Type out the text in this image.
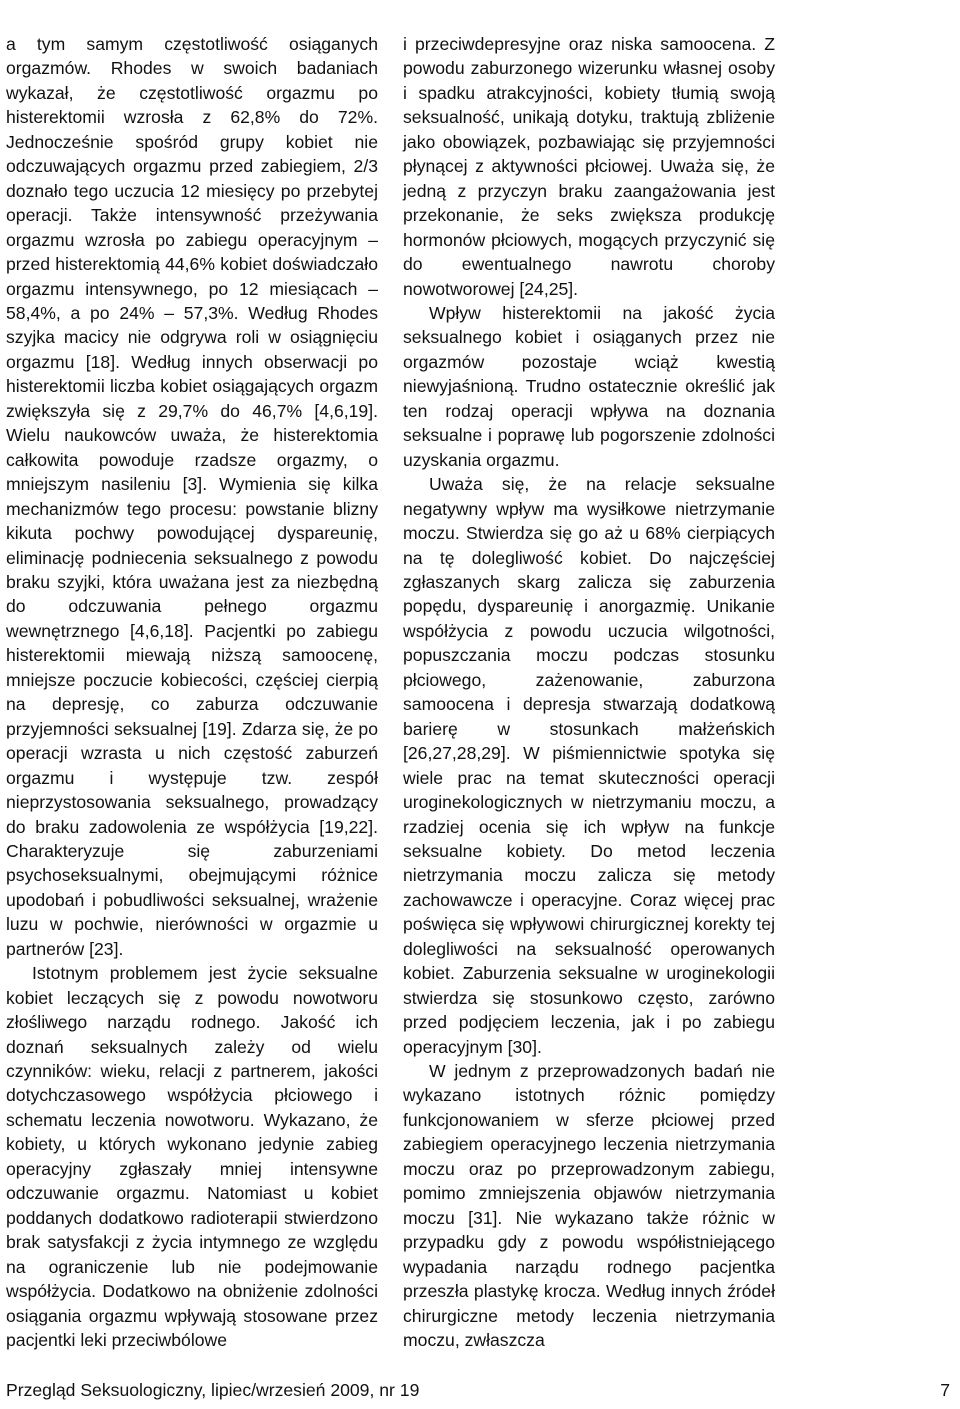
a tym samym częstotliwość osiąganych orgazmów. Rhodes w swoich badaniach wykazał, że częstotliwość orgazmu po histerektomii wzrosła z 62,8% do 72%. Jednocześnie spośród grupy kobiet nie odczuwających orgazmu przed zabiegiem, 2/3 doznało tego uczucia 12 miesięcy po przebytej operacji. Także intensywność przeżywania orgazmu wzrosła po zabiegu operacyjnym – przed histerektomią 44,6% kobiet doświadczało orgazmu intensywnego, po 12 miesiącach – 58,4%, a po 24% – 57,3%. Według Rhodes szyjka macicy nie odgrywa roli w osiągnięciu orgazmu [18]. Według innych obserwacji po histerektomii liczba kobiet osiągających orgazm zwiększyła się z 29,7% do 46,7% [4,6,19]. Wielu naukowców uważa, że histerektomia całkowita powoduje rzadsze orgazmy, o mniejszym nasileniu [3]. Wymienia się kilka mechanizmów tego procesu: powstanie blizny kikuta pochwy powodującej dyspareunię, eliminację podniecenia seksualnego z powodu braku szyjki, która uważana jest za niezbędną do odczuwania pełnego orgazmu wewnętrznego [4,6,18]. Pacjentki po zabiegu histerektomii miewają niższą samoocenę, mniejsze poczucie kobiecości, częściej cierpią na depresję, co zaburza odczuwanie przyjemności seksualnej [19]. Zdarza się, że po operacji wzrasta u nich częstość zaburzeń orgazmu i występuje tzw. zespół nieprzystosowania seksualnego, prowadzący do braku zadowolenia ze współżycia [19,22]. Charakteryzuje się zaburzeniami psychoseksualnymi, obejmującymi różnice upodobań i pobudliwości seksualnej, wrażenie luzu w pochwie, nierówności w orgazmie u partnerów [23].

Istotnym problemem jest życie seksualne kobiet leczących się z powodu nowotworu złośliwego narządu rodnego. Jakość ich doznań seksualnych zależy od wielu czynników: wieku, relacji z partnerem, jakości dotychczasowego współżycia płciowego i schematu leczenia nowotworu. Wykazano, że kobiety, u których wykonano jedynie zabieg operacyjny zgłaszały mniej intensywne odczuwanie orgazmu. Natomiast u kobiet poddanych dodatkowo radioterapii stwierdzono brak satysfakcji z życia intymnego ze względu na ograniczenie lub nie podejmowanie współżycia. Dodatkowo na obniżenie zdolności osiągania orgazmu wpływają stosowane przez pacjentki leki przeciwbólowe

i przeciwdepresyjne oraz niska samoocena. Z powodu zaburzonego wizerunku własnej osoby i spadku atrakcyjności, kobiety tłumią swoją seksualność, unikają dotyku, traktują zbliżenie jako obowiązek, pozbawiając się przyjemności płynącej z aktywności płciowej. Uważa się, że jedną z przyczyn braku zaangażowania jest przekonanie, że seks zwiększa produkcję hormonów płciowych, mogących przyczynić się do ewentualnego nawrotu choroby nowotworowej [24,25].

Wpływ histerektomii na jakość życia seksualnego kobiet i osiąganych przez nie orgazmów pozostaje wciąż kwestią niewyjaśnioną. Trudno ostatecznie określić jak ten rodzaj operacji wpływa na doznania seksualne i poprawę lub pogorszenie zdolności uzyskania orgazmu.

Uważa się, że na relacje seksualne negatywny wpływ ma wysiłkowe nietrzymanie moczu. Stwierdza się go aż u 68% cierpiących na tę dolegliwość kobiet. Do najczęściej zgłaszanych skarg zalicza się zaburzenia popędu, dyspareunię i anorgazmię. Unikanie współżycia z powodu uczucia wilgotności, popuszczania moczu podczas stosunku płciowego, zażenowanie, zaburzona samoocena i depresja stwarzają dodatkową barierę w stosunkach małżeńskich [26,27,28,29]. W piśmiennictwie spotyka się wiele prac na temat skuteczności operacji uroginekologicznych w nietrzymaniu moczu, a rzadziej ocenia się ich wpływ na funkcje seksualne kobiety. Do metod leczenia nietrzymania moczu zalicza się metody zachowawcze i operacyjne. Coraz więcej prac poświęca się wpływowi chirurgicznej korekty tej dolegliwości na seksualność operowanych kobiet. Zaburzenia seksualne w uroginekologii stwierdza się stosunkowo często, zarówno przed podjęciem leczenia, jak i po zabiegu operacyjnym [30].

W jednym z przeprowadzonych badań nie wykazano istotnych różnic pomiędzy funkcjonowaniem w sferze płciowej przed zabiegiem operacyjnego leczenia nietrzymania moczu oraz po przeprowadzonym zabiegu, pomimo zmniejszenia objawów nietrzymania moczu [31]. Nie wykazano także różnic w przypadku gdy z powodu współistniejącego wypadania narządu rodnego pacjentka przeszła plastykę krocza. Według innych źródeł chirurgiczne metody leczenia nietrzymania moczu, zwłaszcza

Przegląd Seksuologiczny, lipiec/wrzesień 2009, nr 19	7
